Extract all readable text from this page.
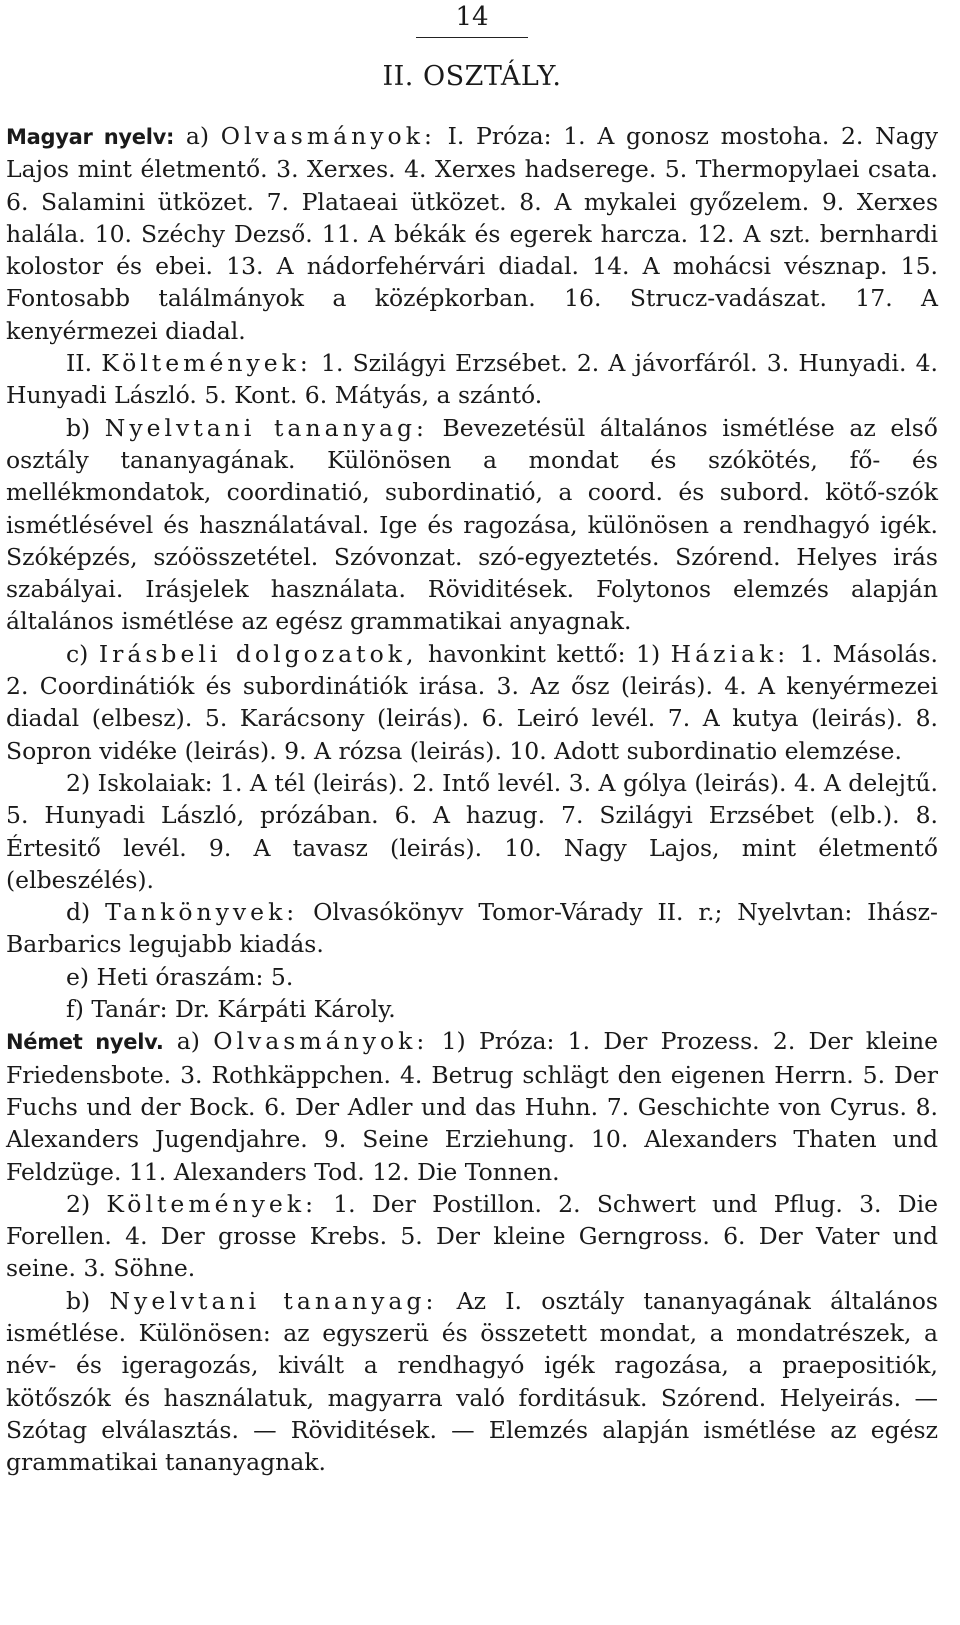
14
II. OSZTÁLY.

Magyar nyelv: a) Olvasmányok: I. Próza: 1. A gonosz mostoha. 2. Nagy Lajos mint életmentő. 3. Xerxes. 4. Xerxes hadserege. 5. Thermopylaei csata. 6. Salamini ütközet. 7. Plataeai ütközet. 8. A mykalei győzelem. 9. Xerxes halála. 10. Széchy Dezső. 11. A békák és egerek harcza. 12. A szt. bernhardi kolostor és ebei. 13. A nádorfehérvári diadal. 14. A mohácsi vésznap. 15. Fontosabb találmányok a középkorban. 16. Strucz-vadászat. 17. A kenyérmezei diadal.

II. Költemények: 1. Szilágyi Erzsébet. 2. A jávorfáról. 3. Hunyadi. 4. Hunyadi László. 5. Kont. 6. Mátyás, a szántó.

b) Nyelvtani tananyag: Bevezetésül általános ismétlése az első osztály tananyagának. Különösen a mondat és szókötés, fő- és mellékmondatok, coordinatió, subordinatió, a coord. és subord. kötő-szók ismétlésével és használatával. Ige és ragozása, különösen a rendhagyó igék. Szóképzés, szóösszetétel. Szóvonzat. szó-egyeztetés. Szórend. Helyes irás szabályai. Irásjelek használata. Röviditések. Folytonos elemzés alapján általános ismétlése az egész grammatikai anyagnak.

c) Irásbeli dolgozatok, havonkint kettő: 1) Háziak: 1. Másolás. 2. Coordinátiók és subordinátiók irása. 3. Az ősz (leirás). 4. A kenyérmezei diadal (elbesz). 5. Karácsony (leirás). 6. Leiró levél. 7. A kutya (leirás). 8. Sopron vidéke (leirás). 9. A rózsa (leirás). 10. Adott subordinatio elemzése.

2) Iskolaiak: 1. A tél (leirás). 2. Intő levél. 3. A gólya (leirás). 4. A delejtű. 5. Hunyadi László, prózában. 6. A hazug. 7. Szilágyi Erzsébet (elb.). 8. Értesitő levél. 9. A tavasz (leirás). 10. Nagy Lajos, mint életmentő (elbeszélés).

d) Tankönyvek: Olvasókönyv Tomor-Várady II. r.; Nyelvtan: Ihász-Barbarics legujabb kiadás.

e) Heti óraszám: 5.

f) Tanár: Dr. Kárpáti Károly.

Német nyelv. a) Olvasmányok: 1) Próza: 1. Der Prozess. 2. Der kleine Friedensbote. 3. Rothkäppchen. 4. Betrug schlägt den eigenen Herrn. 5. Der Fuchs und der Bock. 6. Der Adler und das Huhn. 7. Geschichte von Cyrus. 8. Alexanders Jugendjahre. 9. Seine Erziehung. 10. Alexanders Thaten und Feldzüge. 11. Alexanders Tod. 12. Die Tonnen.

2) Költemények: 1. Der Postillon. 2. Schwert und Pflug. 3. Die Forellen. 4. Der grosse Krebs. 5. Der kleine Gerngross. 6. Der Vater und seine. 3. Söhne.

b) Nyelvtani tananyag: Az I. osztály tananyagának általános ismétlése. Különösen: az egyszerü és összetett mondat, a mondatrészek, a név- és igeragozás, kivált a rendhagyó igék ragozása, a praepositiók, kötőszók és használatuk, magyarra való forditásuk. Szórend. Helyeirás. — Szótag elválasztás. — Röviditések. — Elemzés alapján ismétlése az egész grammatikai tananyagnak.
